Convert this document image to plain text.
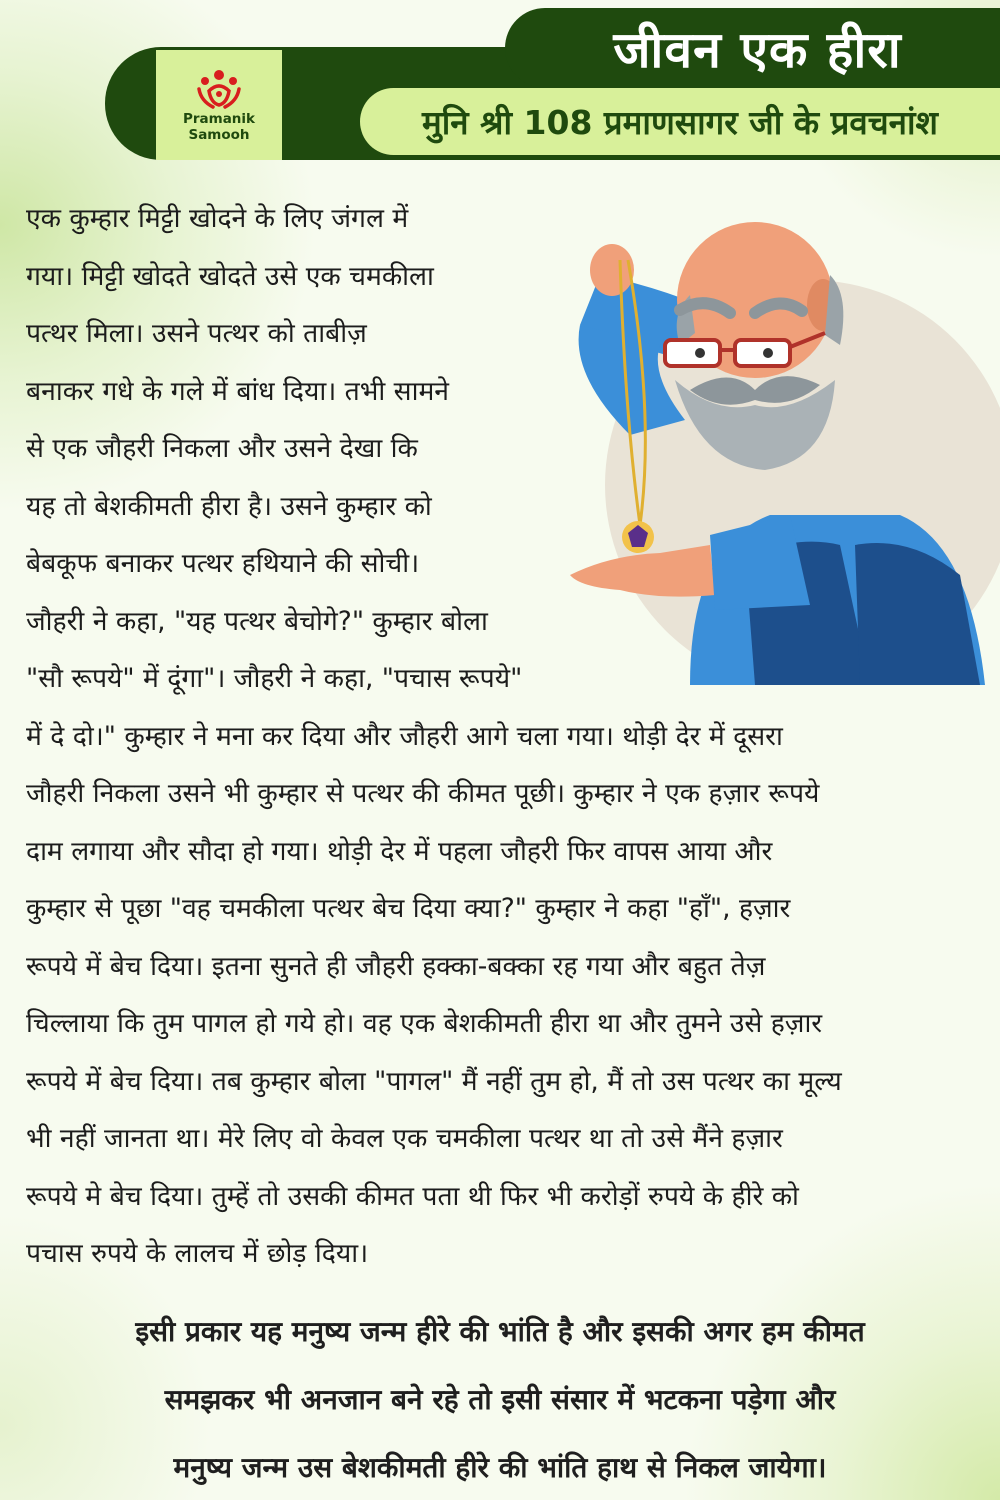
जीवन एक हीरा
मुनि श्री 108 प्रमाणसागर जी के प्रवचनांश
Pramanik
Samooh
एक कुम्हार मिट्टी खोदने के लिए जंगल में
गया। मिट्टी खोदते खोदते उसे एक चमकीला
पत्थर मिला। उसने पत्थर को ताबीज़
बनाकर गधे के गले में बांध दिया। तभी सामने
से एक जौहरी निकला और उसने देखा कि
यह तो बेशकीमती हीरा है। उसने कुम्हार को
बेबकूफ बनाकर पत्थर हथियाने की सोची।
जौहरी ने कहा, "यह पत्थर बेचोगे?" कुम्हार बोला
"सौ रूपये" में दूंगा"। जौहरी ने कहा, "पचास रूपये"
में दे दो।" कुम्हार ने मना कर दिया और जौहरी आगे चला गया। थोड़ी देर में दूसरा
जौहरी निकला उसने भी कुम्हार से पत्थर की कीमत पूछी। कुम्हार ने एक हज़ार रूपये
दाम लगाया और सौदा हो गया। थोड़ी देर में पहला जौहरी फिर वापस आया और
कुम्हार से पूछा "वह चमकीला पत्थर बेच दिया क्या?" कुम्हार ने कहा "हाँ", हज़ार
रूपये में बेच दिया। इतना सुनते ही जौहरी हक्का-बक्का रह गया और बहुत तेज़
चिल्लाया कि तुम पागल हो गये हो। वह एक बेशकीमती हीरा था और तुमने उसे हज़ार
रूपये में बेच दिया। तब कुम्हार बोला "पागल" मैं नहीं तुम हो, मैं तो उस पत्थर का मूल्य
भी नहीं जानता था। मेरे लिए वो केवल एक चमकीला पत्थर था तो उसे मैंने हज़ार
रूपये मे बेच दिया। तुम्हें तो उसकी कीमत पता थी फिर भी करोड़ों रुपये के हीरे को
पचास रुपये के लालच में छोड़ दिया।
इसी प्रकार यह मनुष्य जन्म हीरे की भांति है और इसकी अगर हम कीमत
समझकर भी अनजान बने रहे तो इसी संसार में भटकना पड़ेगा और
मनुष्य जन्म उस बेशकीमती हीरे की भांति हाथ से निकल जायेगा।
